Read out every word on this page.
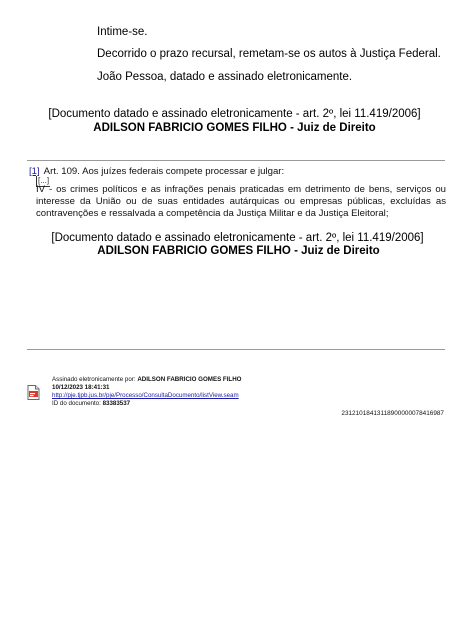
Intime-se.
Decorrido o prazo recursal, remetam-se os autos à Justiça Federal.
João Pessoa, datado e assinado eletronicamente.
[Documento datado e assinado eletronicamente - art. 2º, lei 11.419/2006]
ADILSON FABRICIO GOMES FILHO - Juiz de Direito
[1] Art. 109. Aos juízes federais compete processar e julgar:
[...]
IV - os crimes políticos e as infrações penais praticadas em detrimento de bens, serviços ou interesse da União ou de suas entidades autárquicas ou empresas públicas, excluídas as contravenções e ressalvada a competência da Justiça Militar e da Justiça Eleitoral;
[Documento datado e assinado eletronicamente - art. 2º, lei 11.419/2006]
ADILSON FABRICIO GOMES FILHO - Juiz de Direito
Assinado eletronicamente por: ADILSON FABRICIO GOMES FILHO
10/12/2023 18:41:31
http://pje.tjpb.jus.br/pje/Processo/ConsultaDocumento/listView.seam
ID do documento: 83383537
23121018413118900000078416987
